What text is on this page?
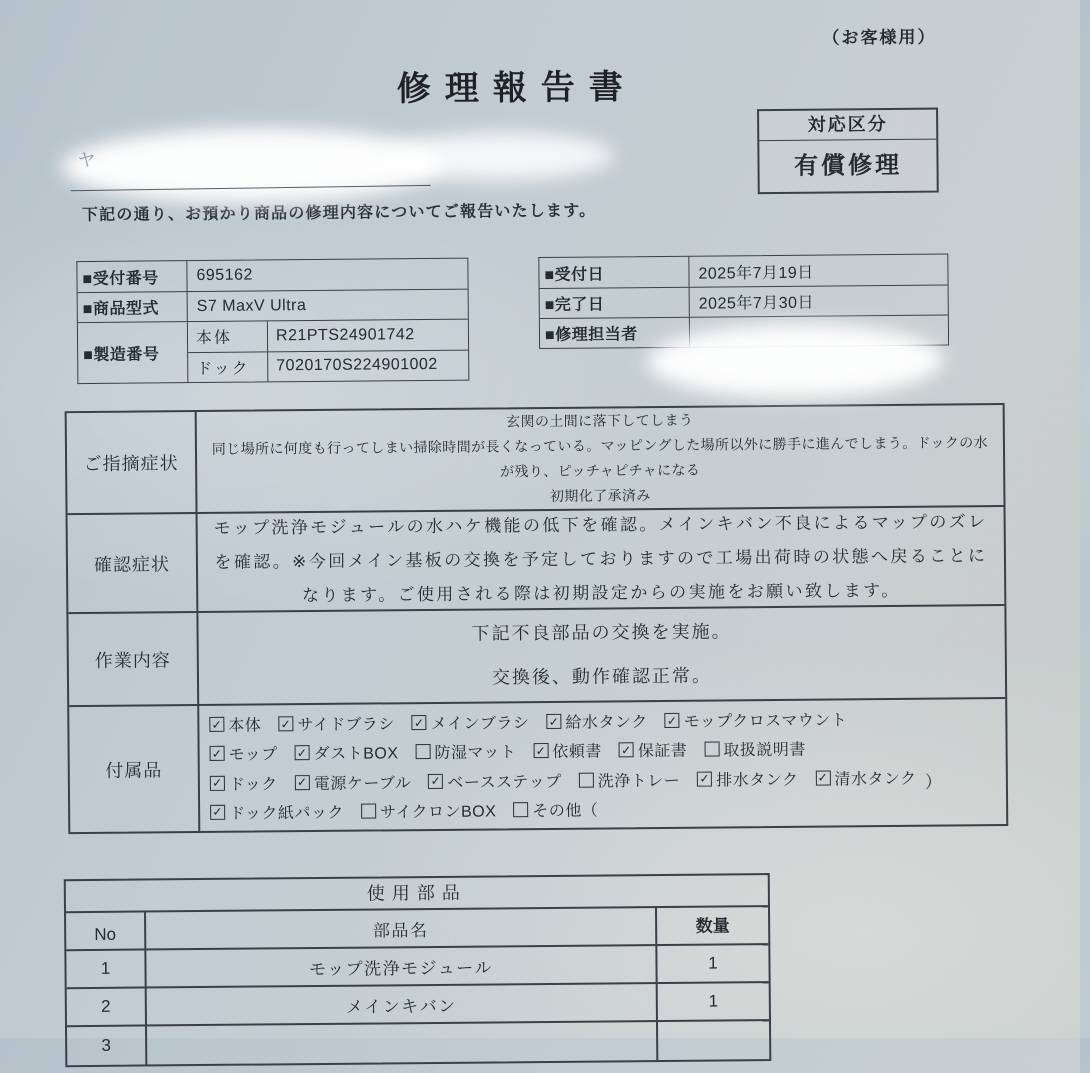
（お客様用）
修理報告書
対応区分
有償修理
ヤ
下記の通り、お預かり商品の修理内容についてご報告いたします。
■受付番号	695162
■商品型式	S7 MaxV Ultra
■製造番号
本体	R21PTS24901742
ドック	7020170S224901002
■受付日	2025年7月19日
■完了日	2025年7月30日
■修理担当者
ご指摘症状
玄関の土間に落下してしまう
同じ場所に何度も行ってしまい掃除時間が長くなっている。マッピングした場所以外に勝手に進んでしまう。ドックの水
が残り、ピッチャピチャになる
初期化了承済み
確認症状
モップ洗浄モジュールの水ハケ機能の低下を確認。メインキバン不良によるマップのズレを確認。※今回メイン基板の交換を予定しておりますので工場出荷時の状態へ戻ることになります。ご使用される際は初期設定からの実施をお願い致します。
作業内容
下記不良部品の交換を実施。
交換後、動作確認正常。
付属品
✓ 本体 ✓ サイドブラシ ✓ メインブラシ ✓ 給水タンク ✓ モップクロスマウント
✓ モップ ✓ ダストBOX 防湿マット ✓ 依頼書 ✓ 保証書 取扱説明書
✓ ドック ✓ 電源ケーブル ✓ ベースステップ 洗浄トレー ✓ 排水タンク ✓ 清水タンク
✓ ドック紙パック サイクロンBOX その他（
）
使用部品
No	部品名	数量
1	モップ洗浄モジュール	1
2	メインキバン	1
3
